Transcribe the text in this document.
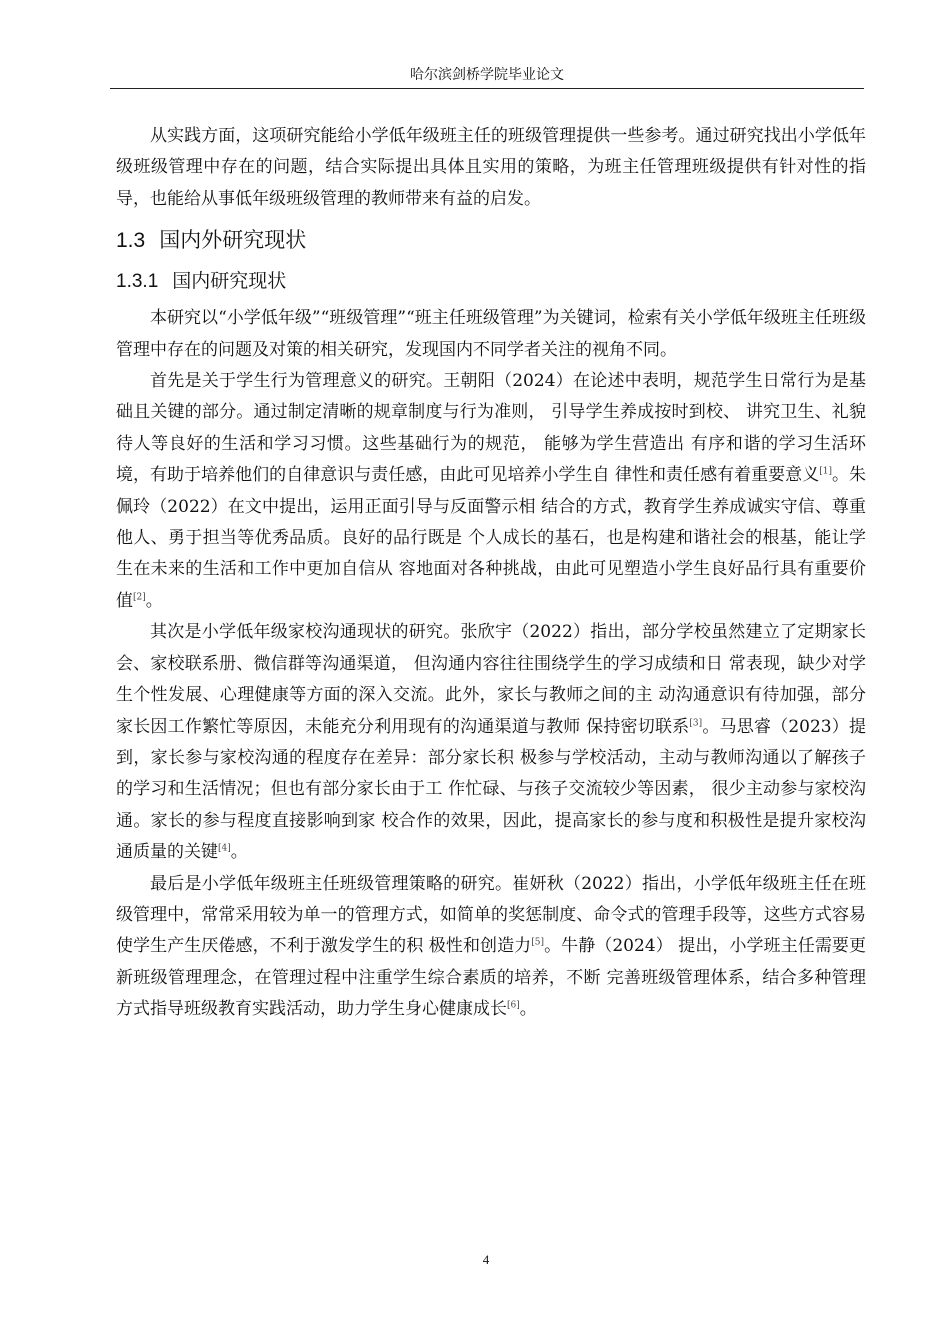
哈尔滨剑桥学院毕业论文

从实践方面，这项研究能给小学低年级班主任的班级管理提供一些参考。通过研究找出小学低年级班级管理中存在的问题，结合实际提出具体且实用的策略，为班主任管理班级提供有针对性的指导，也能给从事低年级班级管理的教师带来有益的启发。

1.3 国内外研究现状
1.3.1 国内研究现状

本研究以“小学低年级”“班级管理”“班主任班级管理”为关键词，检索有关小学低年级班主任班级管理中存在的问题及对策的相关研究，发现国内不同学者关注的视角不同。

首先是关于学生行为管理意义的研究。王朝阳（2024）在论述中表明，规范学生日常行为是基础且关键的部分。通过制定清晰的规章制度与行为准则， 引导学生养成按时到校、 讲究卫生、礼貌待人等良好的生活和学习习惯。这些基础行为的规范， 能够为学生营造出 有序和谐的学习生活环境，有助于培养他们的自律意识与责任感，由此可见培养小学生自 律性和责任感有着重要意义[1]。朱佩玲（2022）在文中提出，运用正面引导与反面警示相 结合的方式，教育学生养成诚实守信、尊重他人、勇于担当等优秀品质。良好的品行既是 个人成长的基石，也是构建和谐社会的根基，能让学生在未来的生活和工作中更加自信从 容地面对各种挑战，由此可见塑造小学生良好品行具有重要价值[2]。

其次是小学低年级家校沟通现状的研究。张欣宇（2022）指出，部分学校虽然建立了定期家长会、家校联系册、微信群等沟通渠道， 但沟通内容往往围绕学生的学习成绩和日 常表现，缺少对学生个性发展、心理健康等方面的深入交流。此外，家长与教师之间的主 动沟通意识有待加强，部分家长因工作繁忙等原因，未能充分利用现有的沟通渠道与教师 保持密切联系[3]。马思睿（2023）提到，家长参与家校沟通的程度存在差异：部分家长积 极参与学校活动，主动与教师沟通以了解孩子的学习和生活情况；但也有部分家长由于工 作忙碌、与孩子交流较少等因素， 很少主动参与家校沟通。家长的参与程度直接影响到家 校合作的效果，因此，提高家长的参与度和积极性是提升家校沟通质量的关键[4]。

最后是小学低年级班主任班级管理策略的研究。崔妍秋（2022）指出，小学低年级班主任在班级管理中，常常采用较为单一的管理方式，如简单的奖惩制度、命令式的管理手段等，这些方式容易使学生产生厌倦感，不利于激发学生的积 极性和创造力[5]。牛静（2024） 提出，小学班主任需要更新班级管理理念，在管理过程中注重学生综合素质的培养，不断 完善班级管理体系，结合多种管理方式指导班级教育实践活动，助力学生身心健康成长[6]。

4
